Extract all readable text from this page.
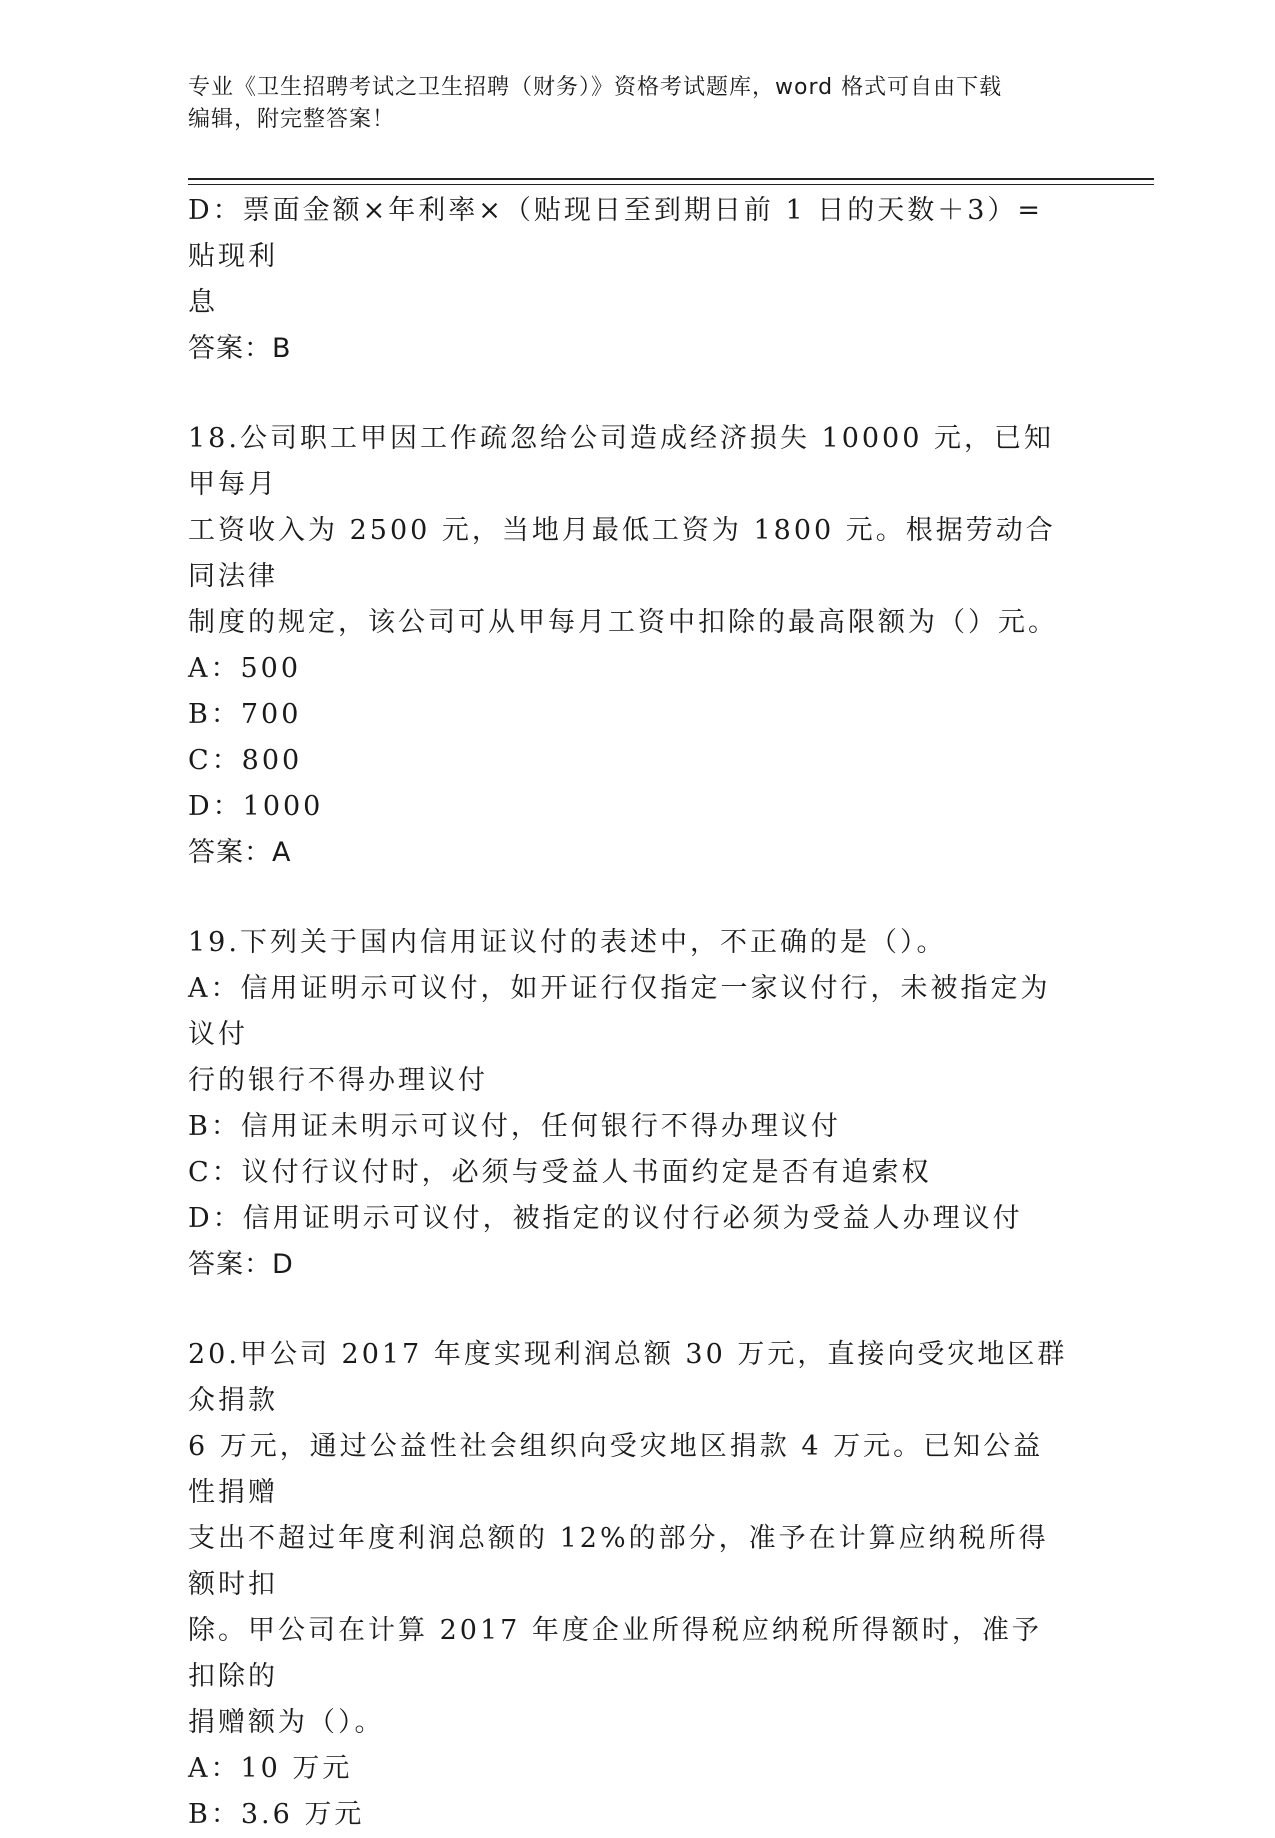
专业《卫生招聘考试之卫生招聘（财务）》资格考试题库，word 格式可自由下载
编辑，附完整答案！

D：票面金额×年利率×（贴现日至到期日前 1 日的天数＋3）=贴现利

息

答案：B

18.公司职工甲因工作疏忽给公司造成经济损失 10000 元，已知甲每月

工资收入为 2500 元，当地月最低工资为 1800 元。根据劳动合同法律

制度的规定，该公司可从甲每月工资中扣除的最高限额为（）元。

A：500

B：700

C：800

D：1000

答案：A

19.下列关于国内信用证议付的表述中，不正确的是（）。

A：信用证明示可议付，如开证行仅指定一家议付行，未被指定为议付

行的银行不得办理议付

B：信用证未明示可议付，任何银行不得办理议付

C：议付行议付时，必须与受益人书面约定是否有追索权

D：信用证明示可议付，被指定的议付行必须为受益人办理议付

答案：D

20.甲公司 2017 年度实现利润总额 30 万元，直接向受灾地区群众捐款

6 万元，通过公益性社会组织向受灾地区捐款 4 万元。已知公益性捐赠

支出不超过年度利润总额的 12%的部分，准予在计算应纳税所得额时扣

除。甲公司在计算 2017 年度企业所得税应纳税所得额时，准予扣除的

捐赠额为（）。

A：10 万元

B：3.6 万元
